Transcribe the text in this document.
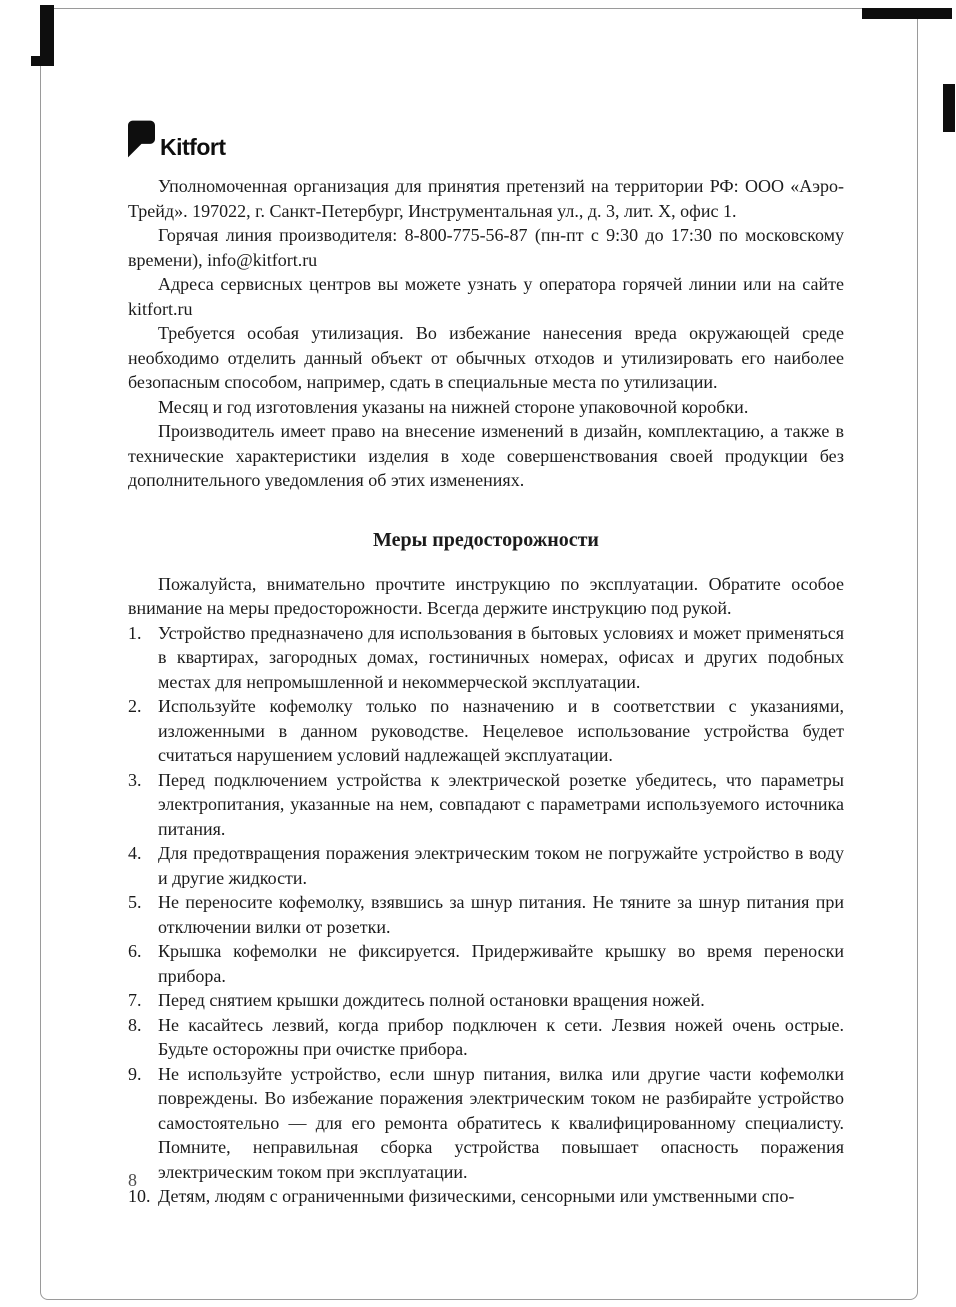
Kitfort

Уполномоченная организация для принятия претензий на территории РФ: ООО «Аэро-Трейд». 197022, г. Санкт-Петербург, Инструментальная ул., д. 3, лит. Х, офис 1.

Горячая линия производителя: 8-800-775-56-87 (пн-пт с 9:30 до 17:30 по московскому времени), info@kitfort.ru

Адреса сервисных центров вы можете узнать у оператора горячей линии или на сайте kitfort.ru

Требуется особая утилизация. Во избежание нанесения вреда окружающей среде необходимо отделить данный объект от обычных отходов и утилизировать его наиболее безопасным способом, например, сдать в специальные места по утилизации.

Месяц и год изготовления указаны на нижней стороне упаковочной коробки.

Производитель имеет право на внесение изменений в дизайн, комплектацию, а также в технические характеристики изделия в ходе совершенствования своей продукции без дополнительного уведомления об этих изменениях.

Меры предосторожности

Пожалуйста, внимательно прочтите инструкцию по эксплуатации. Обратите особое внимание на меры предосторожности. Всегда держите инструкцию под рукой.

1. Устройство предназначено для использования в бытовых условиях и может применяться в квартирах, загородных домах, гостиничных номерах, офисах и других подобных местах для непромышленной и некоммерческой эксплуатации.
2. Используйте кофемолку только по назначению и в соответствии с указаниями, изложенными в данном руководстве. Нецелевое использование устройства будет считаться нарушением условий надлежащей эксплуатации.
3. Перед подключением устройства к электрической розетке убедитесь, что параметры электропитания, указанные на нем, совпадают с параметрами используемого источника питания.
4. Для предотвращения поражения электрическим током не погружайте устройство в воду и другие жидкости.
5. Не переносите кофемолку, взявшись за шнур питания. Не тяните за шнур питания при отключении вилки от розетки.
6. Крышка кофемолки не фиксируется. Придерживайте крышку во время переноски прибора.
7. Перед снятием крышки дождитесь полной остановки вращения ножей.
8. Не касайтесь лезвий, когда прибор подключен к сети. Лезвия ножей очень острые. Будьте осторожны при очистке прибора.
9. Не используйте устройство, если шнур питания, вилка или другие части кофемолки повреждены. Во избежание поражения электрическим током не разбирайте устройство самостоятельно — для его ремонта обратитесь к квалифицированному специалисту. Помните, неправильная сборка устройства повышает опасность поражения электрическим током при эксплуатации.
10. Детям, людям с ограниченными физическими, сенсорными или умственными спо-
8
